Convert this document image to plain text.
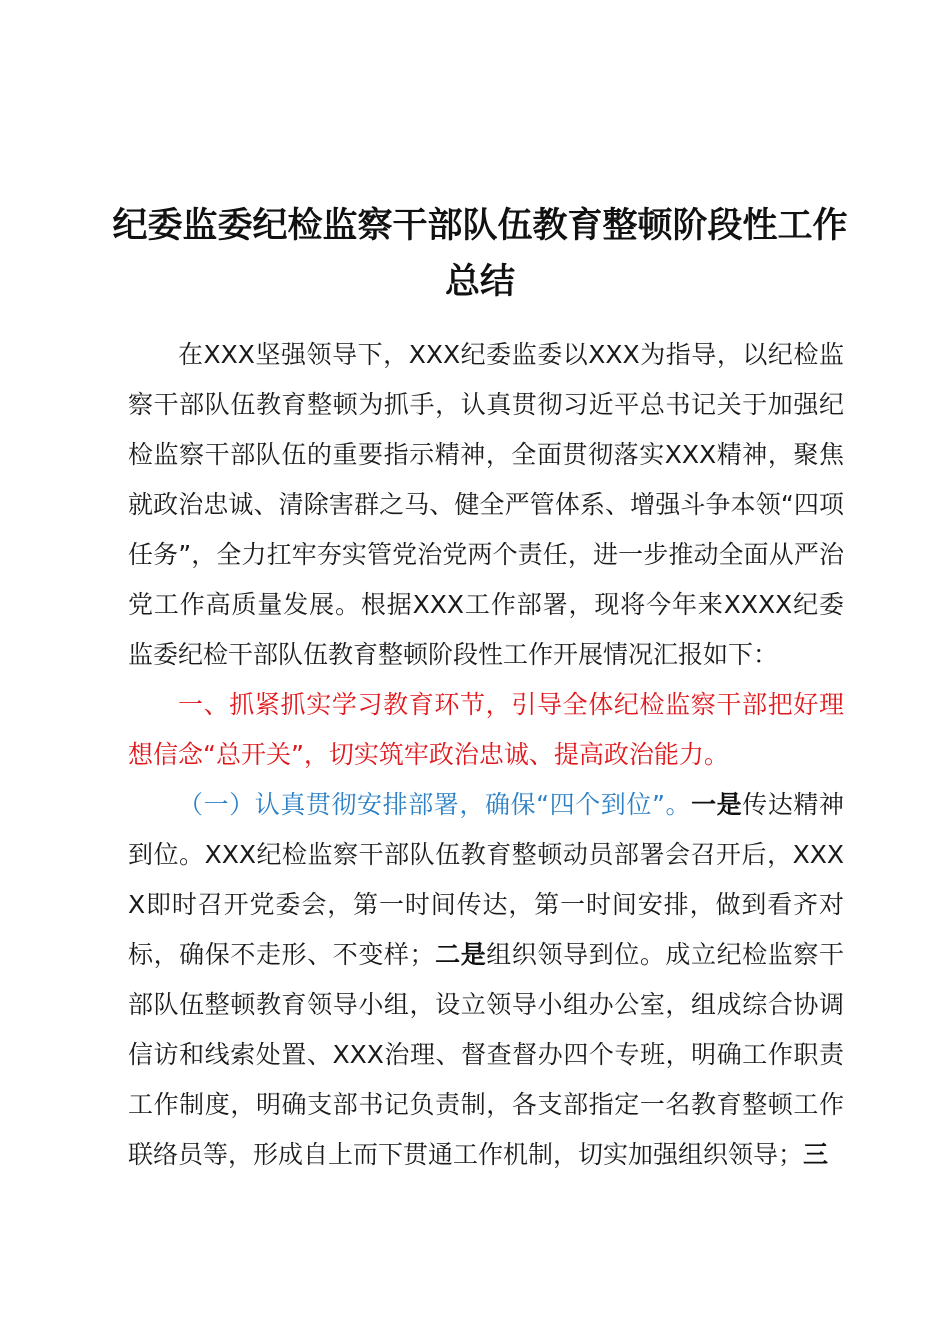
纪委监委纪检监察干部队伍教育整顿阶段性工作总结

在XXX坚强领导下，XXX纪委监委以XXX为指导，以纪检监察干部队伍教育整顿为抓手，认真贯彻习近平总书记关于加强纪检监察干部队伍的重要指示精神，全面贯彻落实XXX精神，聚焦就政治忠诚、清除害群之马、健全严管体系、增强斗争本领“四项任务”，全力扛牢夯实管党治党两个责任，进一步推动全面从严治党工作高质量发展。根据XXX工作部署，现将今年来XXXX纪委监委纪检干部队伍教育整顿阶段性工作开展情况汇报如下：

一、抓紧抓实学习教育环节，引导全体纪检监察干部把好理想信念“总开关”，切实筑牢政治忠诚、提高政治能力。

（一）认真贯彻安排部署，确保“四个到位”。一是传达精神到位。XXX纪检监察干部队伍教育整顿动员部署会召开后，XXXX即时召开党委会，第一时间传达，第一时间安排，做到看齐对标，确保不走形、不变样；二是组织领导到位。成立纪检监察干部队伍整顿教育领导小组，设立领导小组办公室，组成综合协调信访和线索处置、XXX治理、督查督办四个专班，明确工作职责工作制度，明确支部书记负责制，各支部指定一名教育整顿工作联络员等，形成自上而下贯通工作机制，切实加强组织领导；三
